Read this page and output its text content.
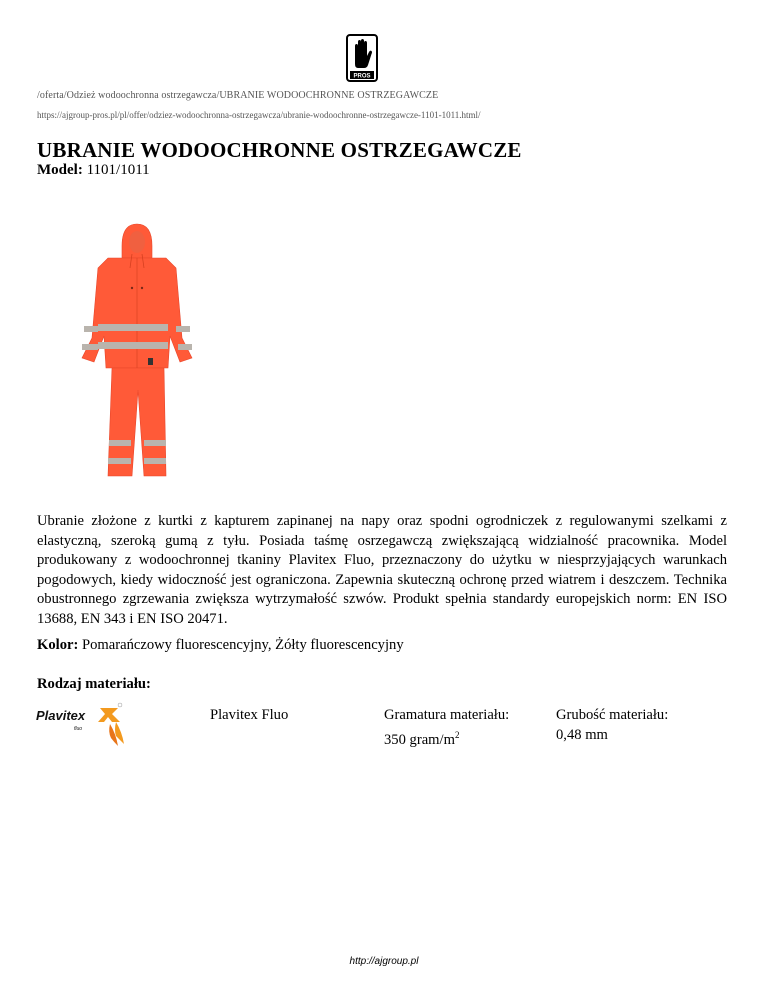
PROS
/oferta/Odzież wodoochronna ostrzegawcza/UBRANIE WODOOCHRONNE OSTRZEGAWCZE
https://ajgroup-pros.pl/pl/offer/odziez-wodoochronna-ostrzegawcza/ubranie-wodoochronne-ostrzegawcze-1101-1011.html/
UBRANIE WODOOCHRONNE OSTRZEGAWCZE
Model: 1101/1011

Ubranie złożone z kurtki z kapturem zapinanej na napy oraz spodni ogrodniczek z regulowanymi szelkami z elastyczną, szeroką gumą z tyłu. Posiada taśmę osrzegawczą zwiększającą widzialność pracownika. Model produkowany z wodoochronnej tkaniny Plavitex Fluo, przeznaczony do użytku w niesprzyjających warunkach pogodowych, kiedy widoczność jest ograniczona. Zapewnia skuteczną ochronę przed wiatrem i deszczem. Technika obustronnego zgrzewania zwiększa wytrzymałość szwów. Produkt spełnia standardy europejskich norm: EN ISO 13688, EN 343 i EN ISO 20471.

Kolor: Pomarańczowy fluorescencyjny, Żółty fluorescencyjny
Rodzaj materiału:
Plavitex
fluo
Plavitex Fluo	Gramatura materiału:
350 gram/$m^2$
Grubość materiału:
0,48 mm
http://ajgroup.pl
